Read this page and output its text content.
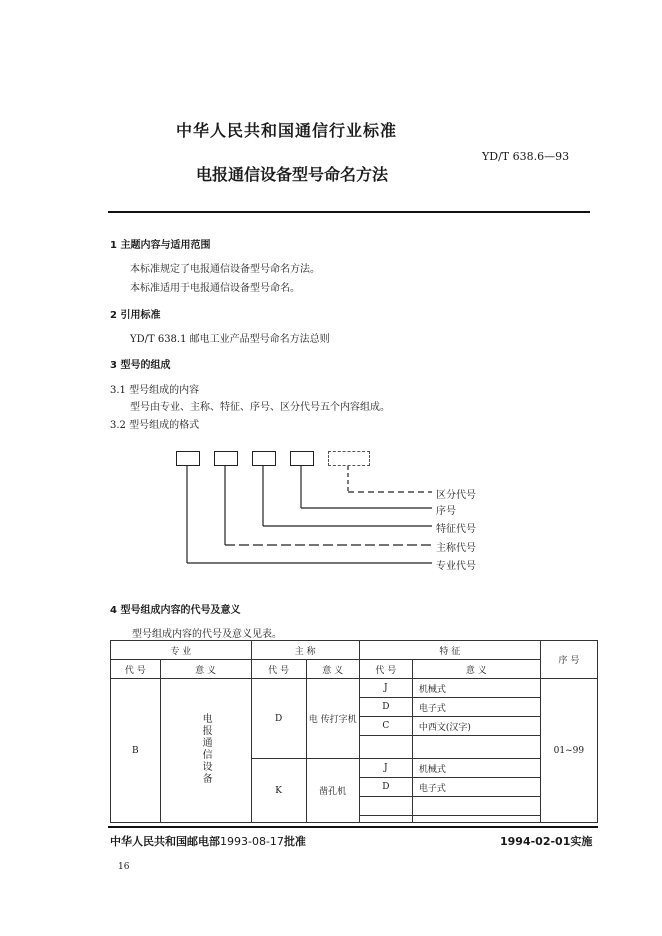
中华人民共和国通信行业标准
YD/T 638.6—93
电报通信设备型号命名方法
1 主题内容与适用范围
本标准规定了电报通信设备型号命名方法。
本标准适用于电报通信设备型号命名。
2 引用标准
YD/T 638.1 邮电工业产品型号命名方法总则
3 型号的组成
3.1 型号组成的内容
型号由专业、主称、特征、序号、区分代号五个内容组成。
3.2 型号组成的格式
区分代号
序号
特征代号
主称代号
专业代号
4 型号组成内容的代号及意义
型号组成内容的代号及意义见表。
专 业		主 称		特 征		序 号
代 号	意 义	代 号	意 义	代 号	意 义	
B	电报通信设备	D	电 传打字机	J	机械式	01~99
				D	电子式	
				C	中西文(汉字)	

		K	凿孔机	J	机械式	
				D	电子式	

中华人民共和国邮电部1993-08-17批准	1994-02-01实施
16
